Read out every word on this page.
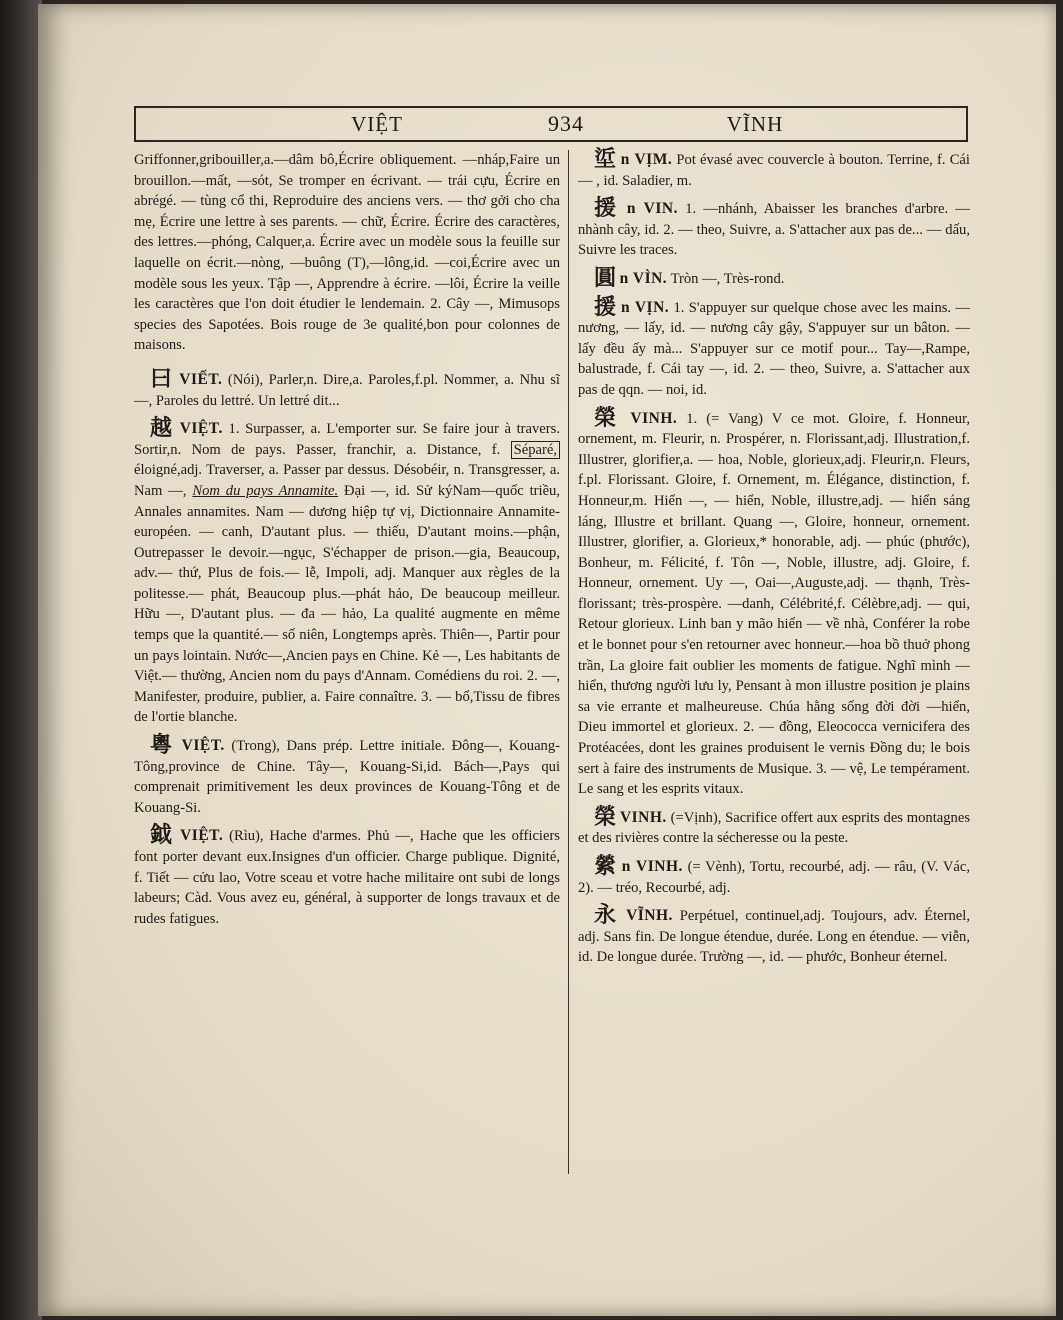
VIỆT	934	VĨNH

Griffonner,gribouiller,a.—dâm bô,Écrire obliquement. —nháp,Faire un brouillon.—mất, —sót, Se tromper en écrivant. — trái cựu, Écrire en abrégé. — tùng cổ thi, Reproduire des anciens vers. — thơ gởi cho cha mẹ, Écrire une lettre à ses parents. — chữ, Écrire. Écrire des caractères, des lettres.—phóng, Calquer,a. Écrire avec un modèle sous la feuille sur laquelle on écrit.—nòng, —buông (T),—lông,id. —coi,Écrire avec un modèle sous les yeux. Tập —, Apprendre à écrire. —lôi, Écrire la veille les caractères que l'on doit étudier le lendemain. 2. Cây —, Mimusops species des Sapotées. Bois rouge de 3e qualité,bon pour colonnes de maisons.

曰 VIẾT. (Nói), Parler,n. Dire,a. Paroles,f.pl. Nommer, a. Nhu sĩ —, Paroles du lettré. Un lettré dit...

越 VIỆT. 1. Surpasser, a. L'emporter sur. Se faire jour à travers. Sortir,n. Nom de pays. Passer, franchir, a. Distance, f. Séparé, éloigné,adj. Traverser, a. Passer par dessus. Désobéir, n. Transgresser, a. Nam —, Nom du pays Annamite. Đại —, id. Sử kýNam—quốc triều, Annales annamites. Nam — dương hiệp tự vị, Dictionnaire Annamite-européen. — canh, D'autant plus. — thiếu, D'autant moins.—phận, Outrepasser le devoir.—ngục, S'échapper de prison.—gia, Beaucoup, adv.— thứ, Plus de fois.— lễ, Impoli, adj. Manquer aux règles de la politesse.— phát, Beaucoup plus.—phát hảo, De beaucoup meilleur. Hữu —, D'autant plus. — đa — hảo, La qualité augmente en même temps que la quantité.— số niên, Longtemps après. Thiên—, Partir pour un pays lointain. Nước—,Ancien pays en Chine. Kẻ —, Les habitants de Việt.— thường, Ancien nom du pays d'Annam. Comédiens du roi. 2. —, Manifester, produire, publier, a. Faire connaître. 3. — bổ,Tissu de fibres de l'ortie blanche.

粵 VIỆT. (Trong), Dans prép. Lettre initiale. Đông—, Kouang-Tông,province de Chine. Tây—, Kouang-Si,id. Bách—,Pays qui comprenait primitivement les deux provinces de Kouang-Tông et de Kouang-Si.

鉞 VIỆT. (Rìu), Hache d'armes. Phủ —, Hache que les officiers font porter devant eux.Insignes d'un officier. Charge publique. Dignité, f. Tiết — cửu lao, Votre sceau et votre hache militaire ont subi de longs labeurs; Càd. Vous avez eu, général, à supporter de longs travaux et de rudes fatigues.

垽 n VỊM. Pot évasé avec couvercle à bouton. Terrine, f. Cái— , id. Saladier, m.

援 n VIN. 1. —nhánh, Abaisser les branches d'arbre. — nhành cây, id. 2. — theo, Suivre, a. S'attacher aux pas de... — dấu, Suivre les traces.

圓 n VÌN. Tròn —, Très-rond.

援 n VỊN. 1. S'appuyer sur quelque chose avec les mains. — nương, — lấy, id. — nương cây gậy, S'appuyer sur un bâton. — lấy đều ấy mà... S'appuyer sur ce motif pour... Tay—,Rampe, balustrade, f. Cái tay —, id. 2. — theo, Suivre, a. S'attacher aux pas de qqn. — noi, id.

榮 VINH. 1. (= Vang) V ce mot. Gloire, f. Honneur, ornement, m. Fleurir, n. Prospérer, n. Florissant,adj. Illustration,f. Illustrer, glorifier,a. — hoa, Noble, glorieux,adj. Fleurir,n. Fleurs, f.pl. Florissant. Gloire, f. Ornement, m. Élégance, distinction, f. Honneur,m. Hiển —, — hiển, Noble, illustre,adj. — hiển sáng láng, Illustre et brillant. Quang —, Gloire, honneur, ornement. Illustrer, glorifier, a. Glorieux,* honorable, adj. — phúc (phước), Bonheur, m. Félicité, f. Tôn —, Noble, illustre, adj. Gloire, f. Honneur, ornement. Uy —, Oai—,Auguste,adj. — thạnh, Très-florissant; très-prospère. —danh, Célébrité,f. Célèbre,adj. — qui, Retour glorieux. Linh ban y mão hiển — về nhà, Conférer la robe et le bonnet pour s'en retourner avec honneur.—hoa bồ thuở phong trần, La gloire fait oublier les moments de fatigue. Nghĩ mình — hiển, thương người lưu ly, Pensant à mon illustre position je plains sa vie errante et malheureuse. Chúa hằng sống đời đời —hiển, Dieu immortel et glorieux. 2. — đồng, Eleococca vernicifera des Protéacées, dont les graines produisent le vernis Đồng du; le bois sert à faire des instruments de Musique. 3. — vệ, Le tempérament. Le sang et les esprits vitaux.

榮 VINH. (=Vịnh), Sacrifice offert aux esprits des montagnes et des rivières contre la sécheresse ou la peste.

縈 n VINH. (= Vènh), Tortu, recourbé, adj. — râu, (V. Vác, 2). — tréo, Recourbé, adj.

永 VĨNH. Perpétuel, continuel,adj. Toujours, adv. Éternel, adj. Sans fin. De longue étendue, durée. Long en étendue. — viễn, id. De longue durée. Trường —, id. — phước, Bonheur éternel.
